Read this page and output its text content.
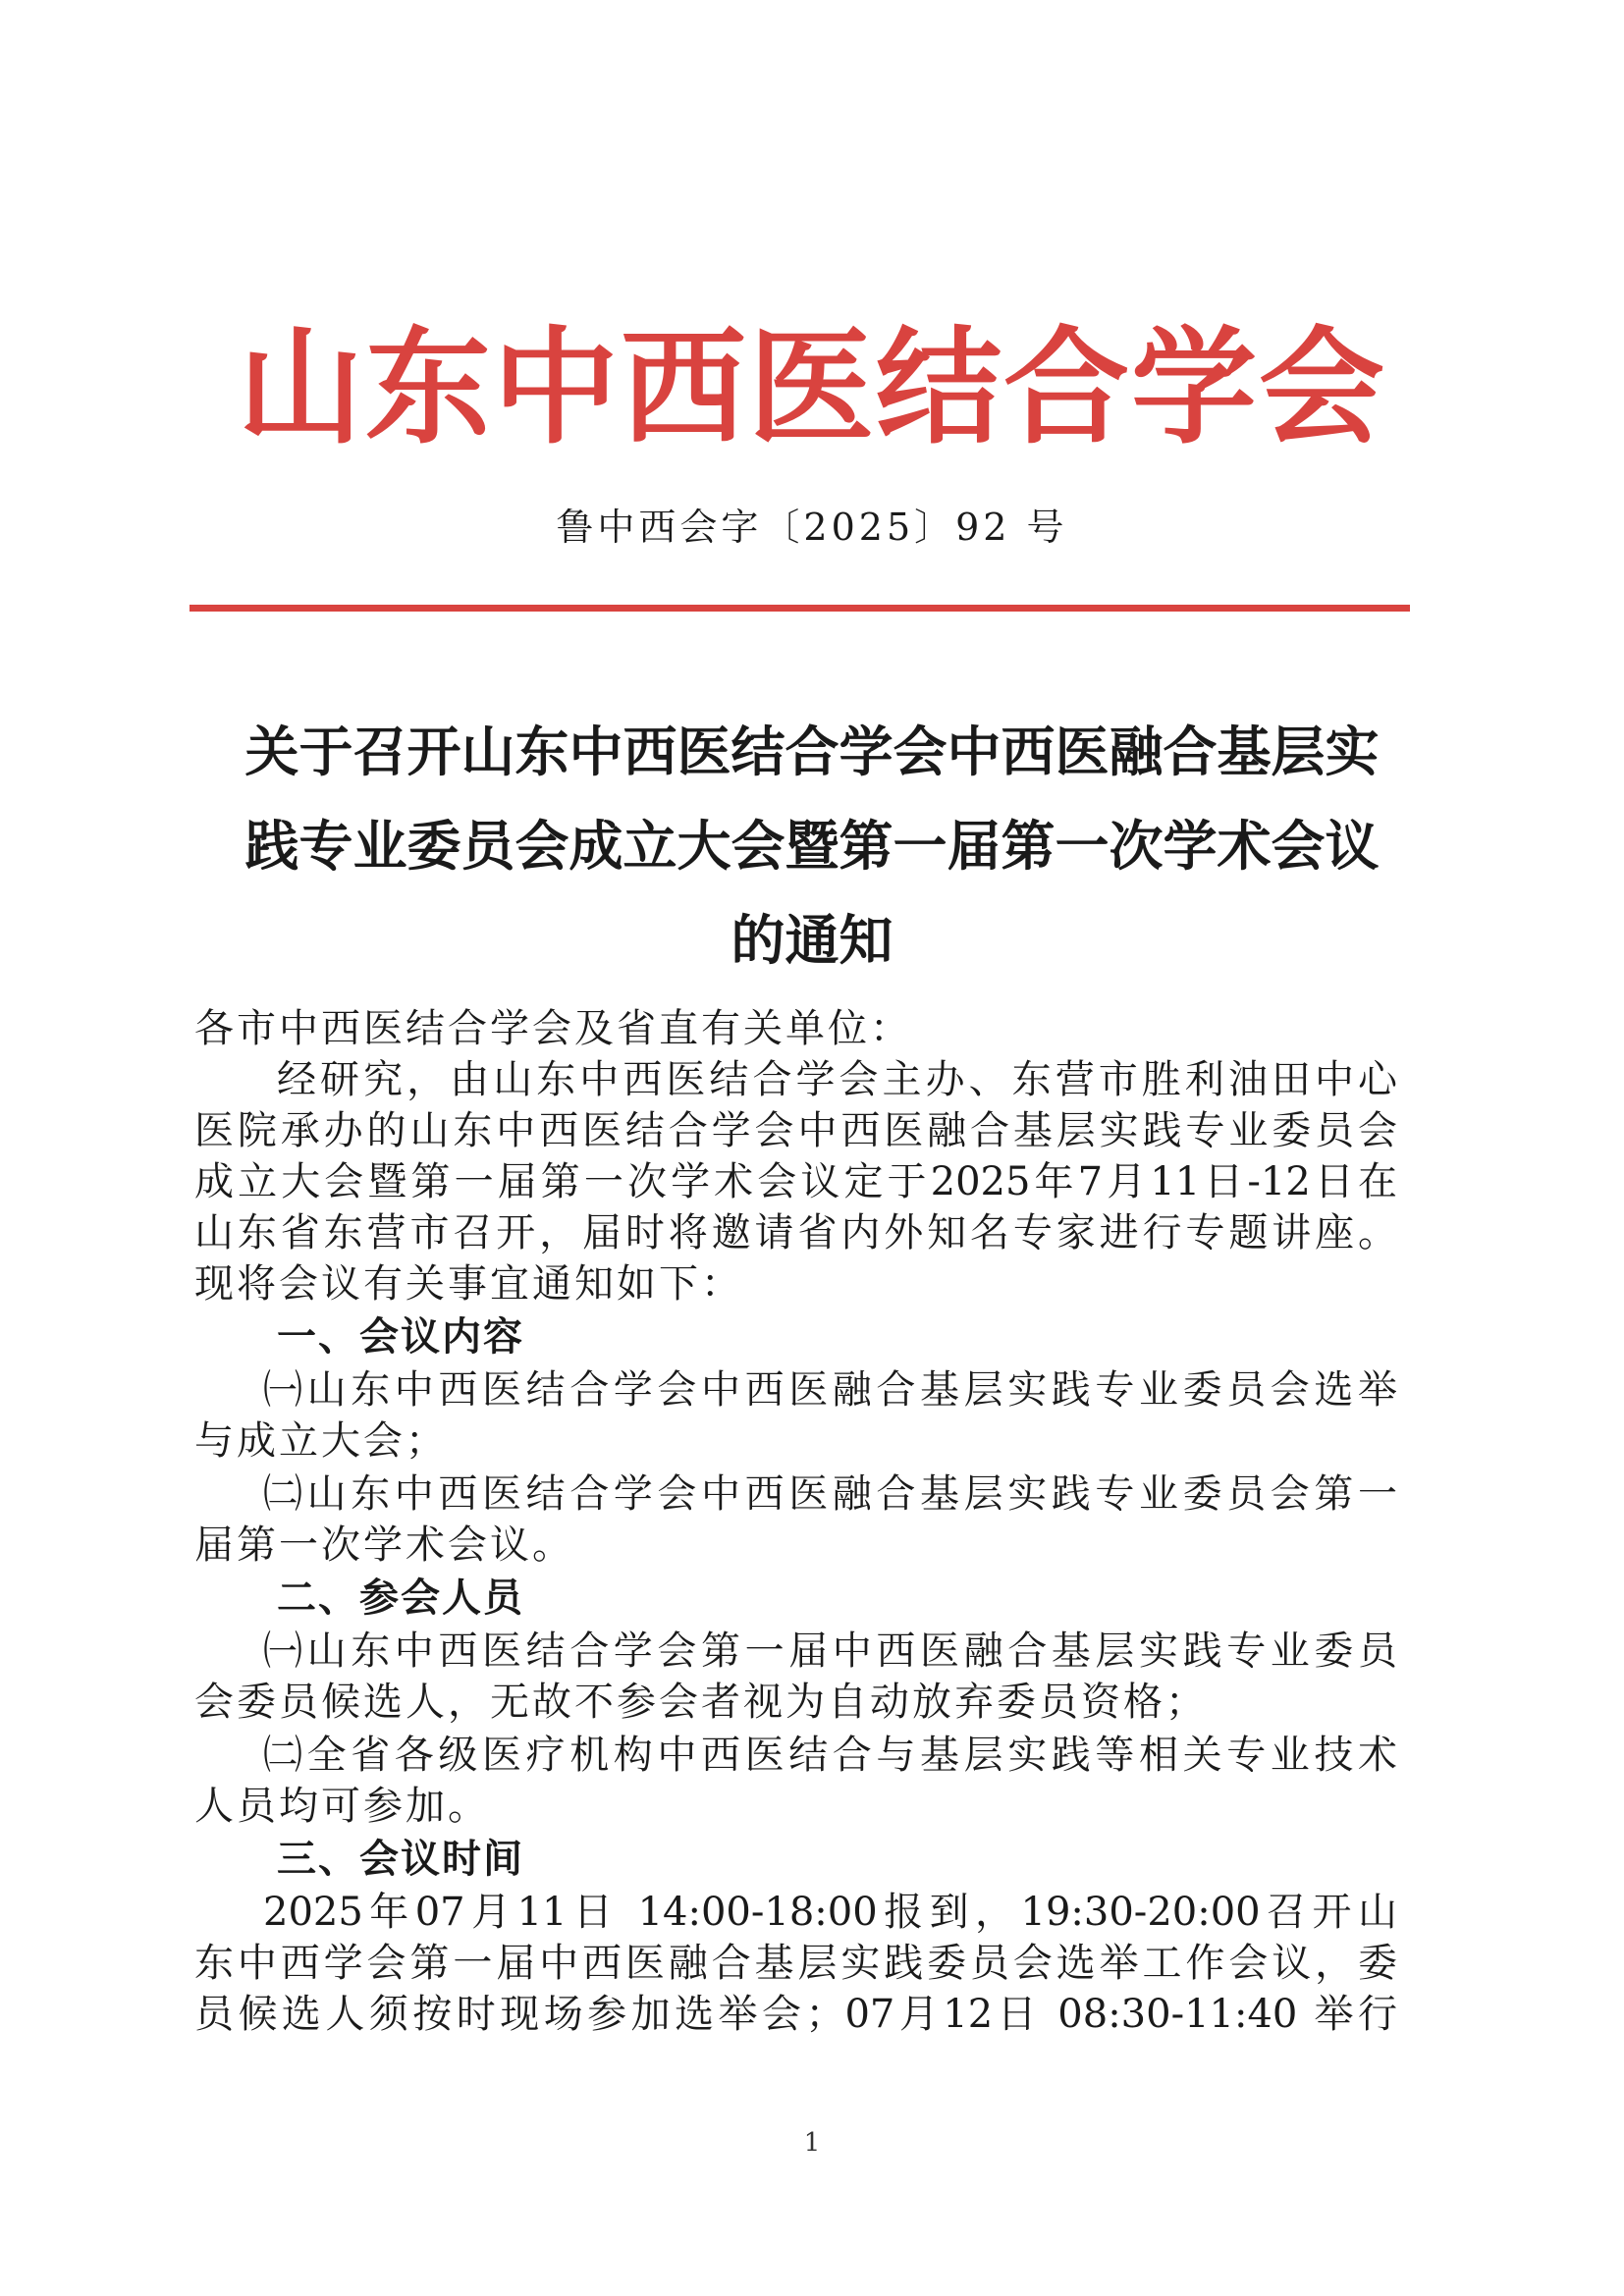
山东中西医结合学会
鲁中西会字〔2025〕92 号
关于召开山东中西医结合学会中西医融合基层实
践专业委员会成立大会暨第一届第一次学术会议
的通知
各市中西医结合学会及省直有关单位：
经研究，由山东中西医结合学会主办、东营市胜利油田中心
医院承办的山东中西医结合学会中西医融合基层实践专业委员会
成立大会暨第一届第一次学术会议定于2025年7月11日-12日在
山东省东营市召开，届时将邀请省内外知名专家进行专题讲座。
现将会议有关事宜通知如下：
一、会议内容
㈠山东中西医结合学会中西医融合基层实践专业委员会选举
与成立大会；
㈡山东中西医结合学会中西医融合基层实践专业委员会第一
届第一次学术会议。
二、参会人员
㈠山东中西医结合学会第一届中西医融合基层实践专业委员
会委员候选人，无故不参会者视为自动放弃委员资格；
㈡全省各级医疗机构中西医结合与基层实践等相关专业技术
人员均可参加。
三、会议时间
2025年07月11日 14:00-18:00报到，19:30-20:00召开山
东中西学会第一届中西医融合基层实践委员会选举工作会议，委
员候选人须按时现场参加选举会；07月12日 08:30-11:40 举行
1
